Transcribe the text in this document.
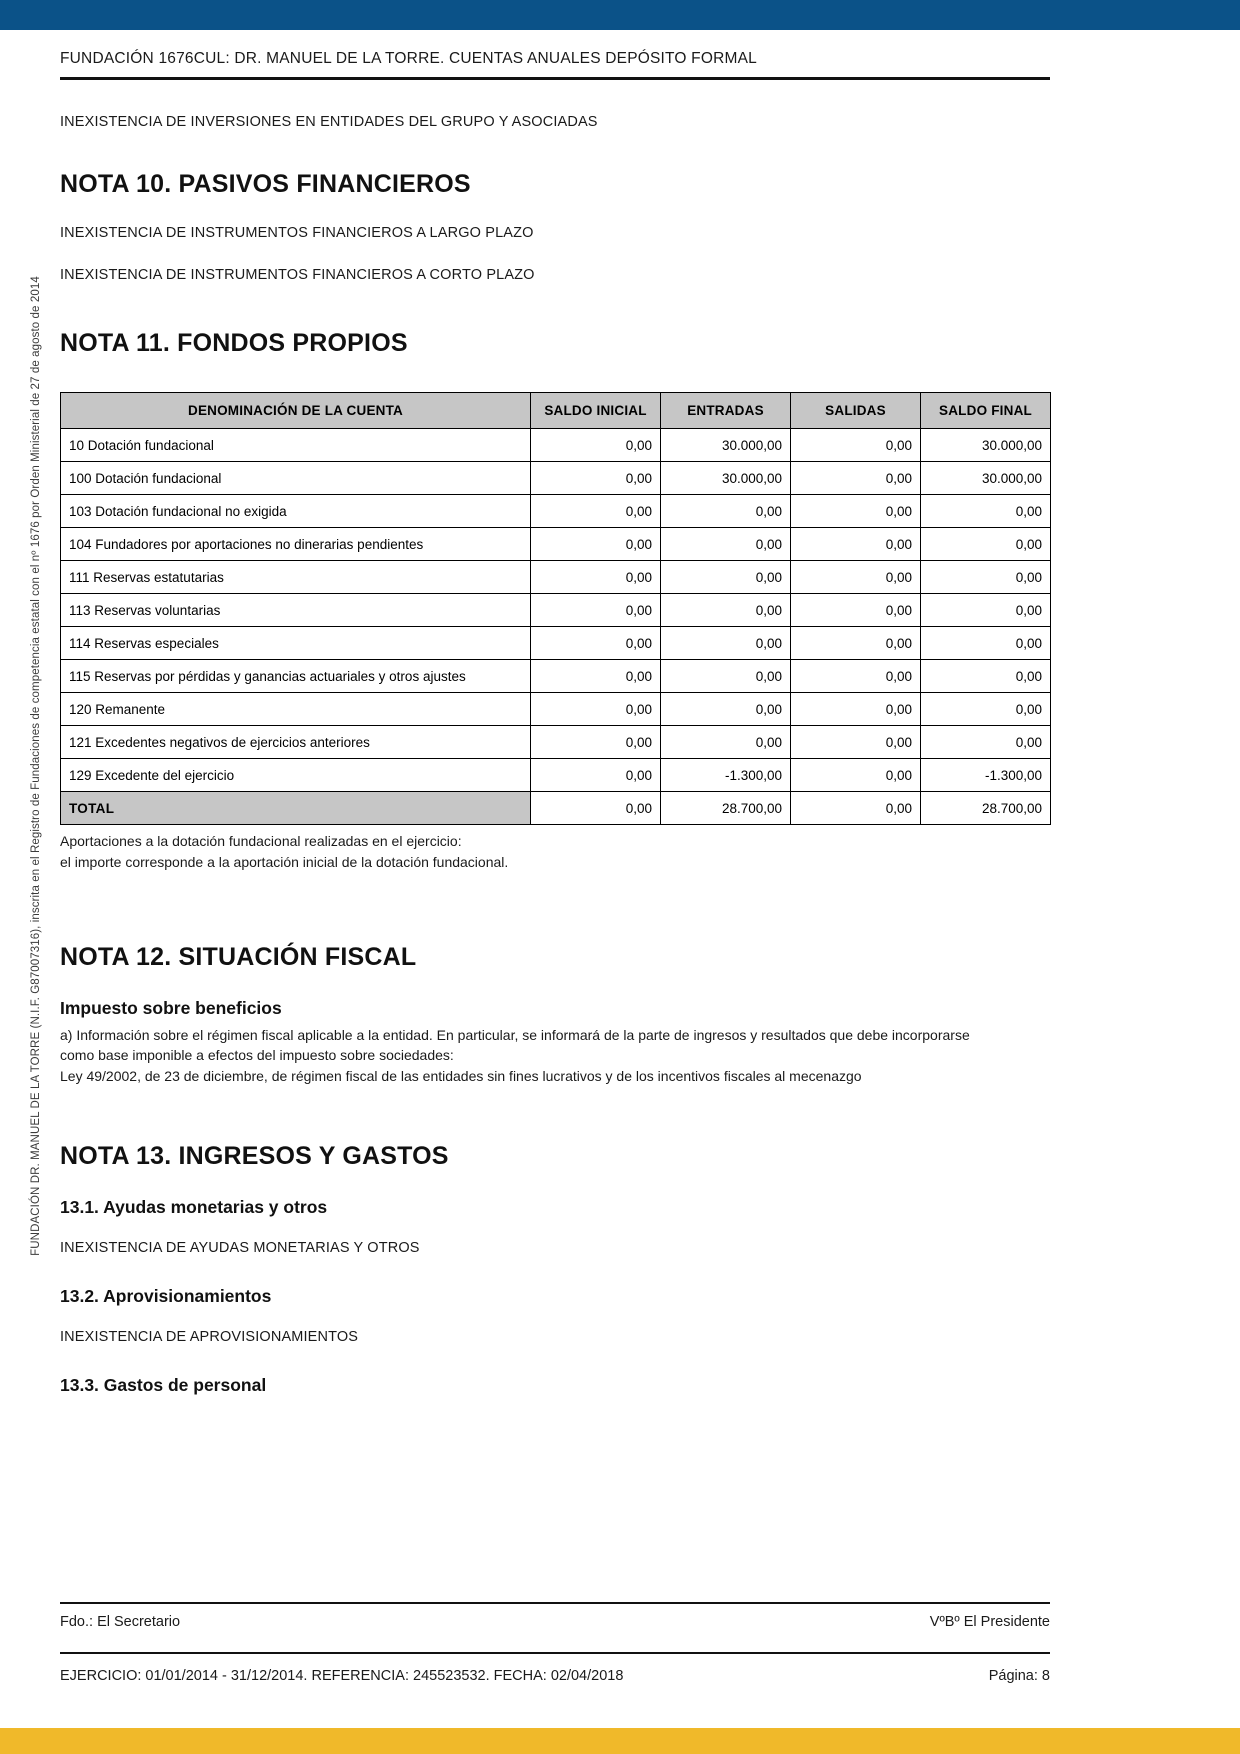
FUNDACIÓN DR. MANUEL DE LA TORRE (N.I.F. G87007316), inscrita en el Registro de Fundaciones de competencia estatal con el nº 1676 por Orden Ministerial de 27 de agosto de 2014
FUNDACIÓN 1676CUL: DR. MANUEL DE LA TORRE. CUENTAS ANUALES DEPÓSITO FORMAL
INEXISTENCIA DE INVERSIONES EN ENTIDADES DEL GRUPO Y ASOCIADAS
NOTA 10. PASIVOS FINANCIEROS
INEXISTENCIA DE INSTRUMENTOS FINANCIEROS A LARGO PLAZO
INEXISTENCIA DE INSTRUMENTOS FINANCIEROS A CORTO PLAZO
NOTA 11. FONDOS PROPIOS
DENOMINACIÓN DE LA CUENTA	SALDO INICIAL	ENTRADAS	SALIDAS	SALDO FINAL
10 Dotación fundacional	0,00	30.000,00	0,00	30.000,00
100 Dotación fundacional	0,00	30.000,00	0,00	30.000,00
103 Dotación fundacional no exigida	0,00	0,00	0,00	0,00
104 Fundadores por aportaciones no dinerarias pendientes	0,00	0,00	0,00	0,00
111 Reservas estatutarias	0,00	0,00	0,00	0,00
113 Reservas voluntarias	0,00	0,00	0,00	0,00
114 Reservas especiales	0,00	0,00	0,00	0,00
115 Reservas por pérdidas y ganancias actuariales y otros ajustes	0,00	0,00	0,00	0,00
120 Remanente	0,00	0,00	0,00	0,00
121 Excedentes negativos de ejercicios anteriores	0,00	0,00	0,00	0,00
129 Excedente del ejercicio	0,00	-1.300,00	0,00	-1.300,00
TOTAL	0,00	28.700,00	0,00	28.700,00
Aportaciones a la dotación fundacional realizadas en el ejercicio:
el importe corresponde a la aportación inicial de la dotación fundacional.
NOTA 12. SITUACIÓN FISCAL
Impuesto sobre beneficios

a) Información sobre el régimen fiscal aplicable a la entidad. En particular, se informará de la parte de ingresos y resultados que debe incorporarse

como base imponible a efectos del impuesto sobre sociedades:

Ley 49/2002, de 23 de diciembre, de régimen fiscal de las entidades sin fines lucrativos y de los incentivos fiscales al mecenazgo

NOTA 13. INGRESOS Y GASTOS
13.1. Ayudas monetarias y otros
INEXISTENCIA DE AYUDAS MONETARIAS Y OTROS
13.2. Aprovisionamientos
INEXISTENCIA DE APROVISIONAMIENTOS
13.3. Gastos de personal
Fdo.: El Secretario	VºBº El Presidente
EJERCICIO: 01/01/2014 - 31/12/2014. REFERENCIA: 245523532. FECHA: 02/04/2018	Página: 8
